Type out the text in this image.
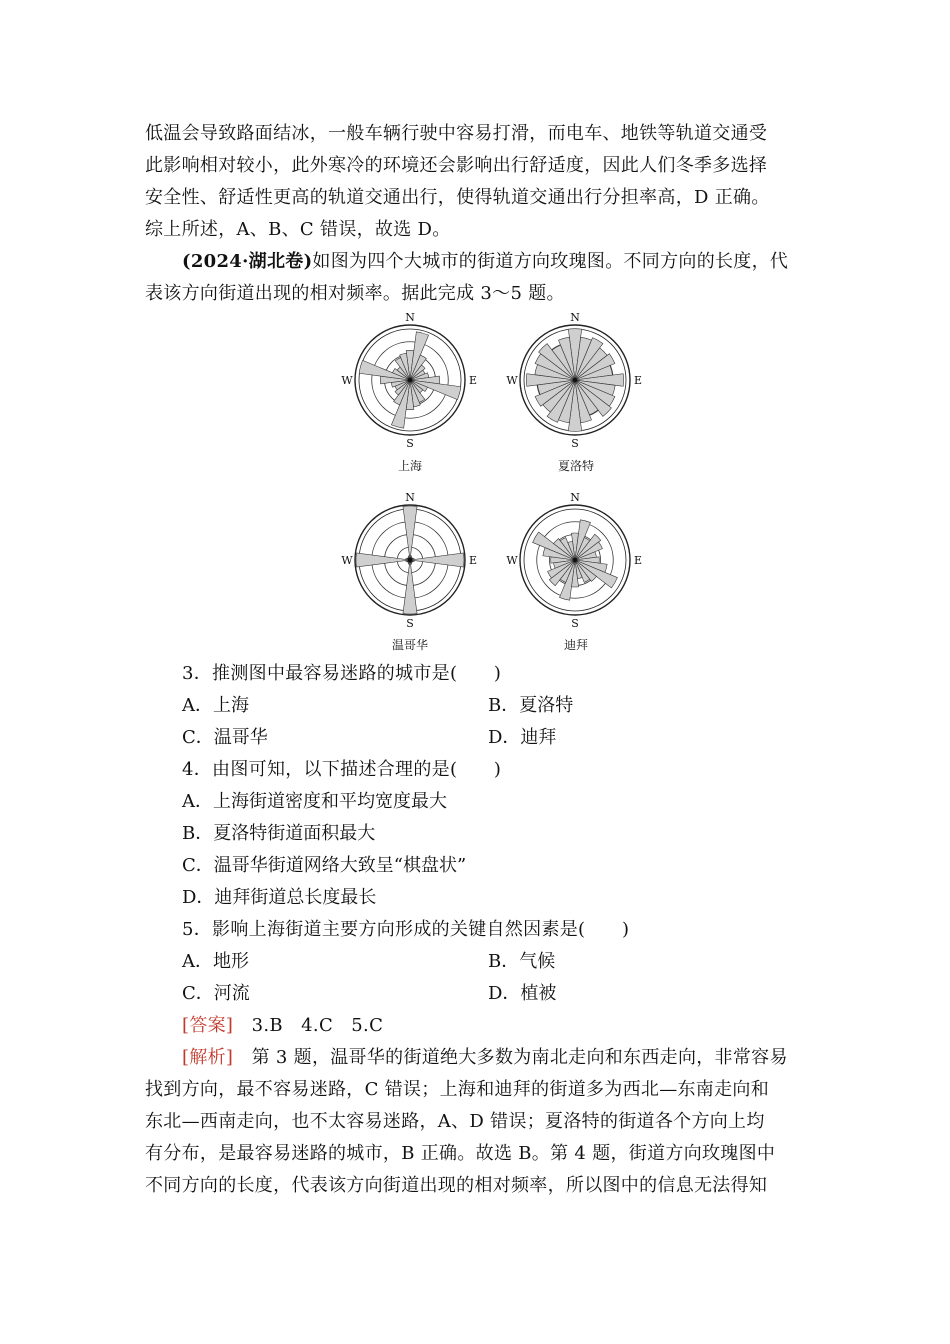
低温会导致路面结冰，一般车辆行驶中容易打滑，而电车、地铁等轨道交通受
此影响相对较小，此外寒冷的环境还会影响出行舒适度，因此人们冬季多选择
安全性、舒适性更高的轨道交通出行，使得轨道交通出行分担率高，D 正确。
综上所述，A、B、C 错误，故选 D。
(2024·湖北卷)如图为四个大城市的街道方向玫瑰图。不同方向的长度，代
表该方向街道出现的相对频率。据此完成 3～5 题。
N
S
E
W
N
S
E
W
N
S
E
W
N
S
E
W
上海	夏洛特
温哥华	迪拜
3．推测图中最容易迷路的城市是(　　)
A．上海	B．夏洛特
C．温哥华	D．迪拜
4．由图可知，以下描述合理的是(　　)
A．上海街道密度和平均宽度最大
B．夏洛特街道面积最大
C．温哥华街道网络大致呈“棋盘状”
D．迪拜街道总长度最长
5．影响上海街道主要方向形成的关键自然因素是(　　)
A．地形	B．气候
C．河流	D．植被
[答案]　 3.B　4.C　5.C
[解析]　 第 3 题，温哥华的街道绝大多数为南北走向和东西走向，非常容易
找到方向，最不容易迷路，C 错误；上海和迪拜的街道多为西北—东南走向和
东北—西南走向，也不太容易迷路，A、D 错误；夏洛特的街道各个方向上均
有分布，是最容易迷路的城市，B 正确。故选 B。第 4 题，街道方向玫瑰图中
不同方向的长度，代表该方向街道出现的相对频率，所以图中的信息无法得知
